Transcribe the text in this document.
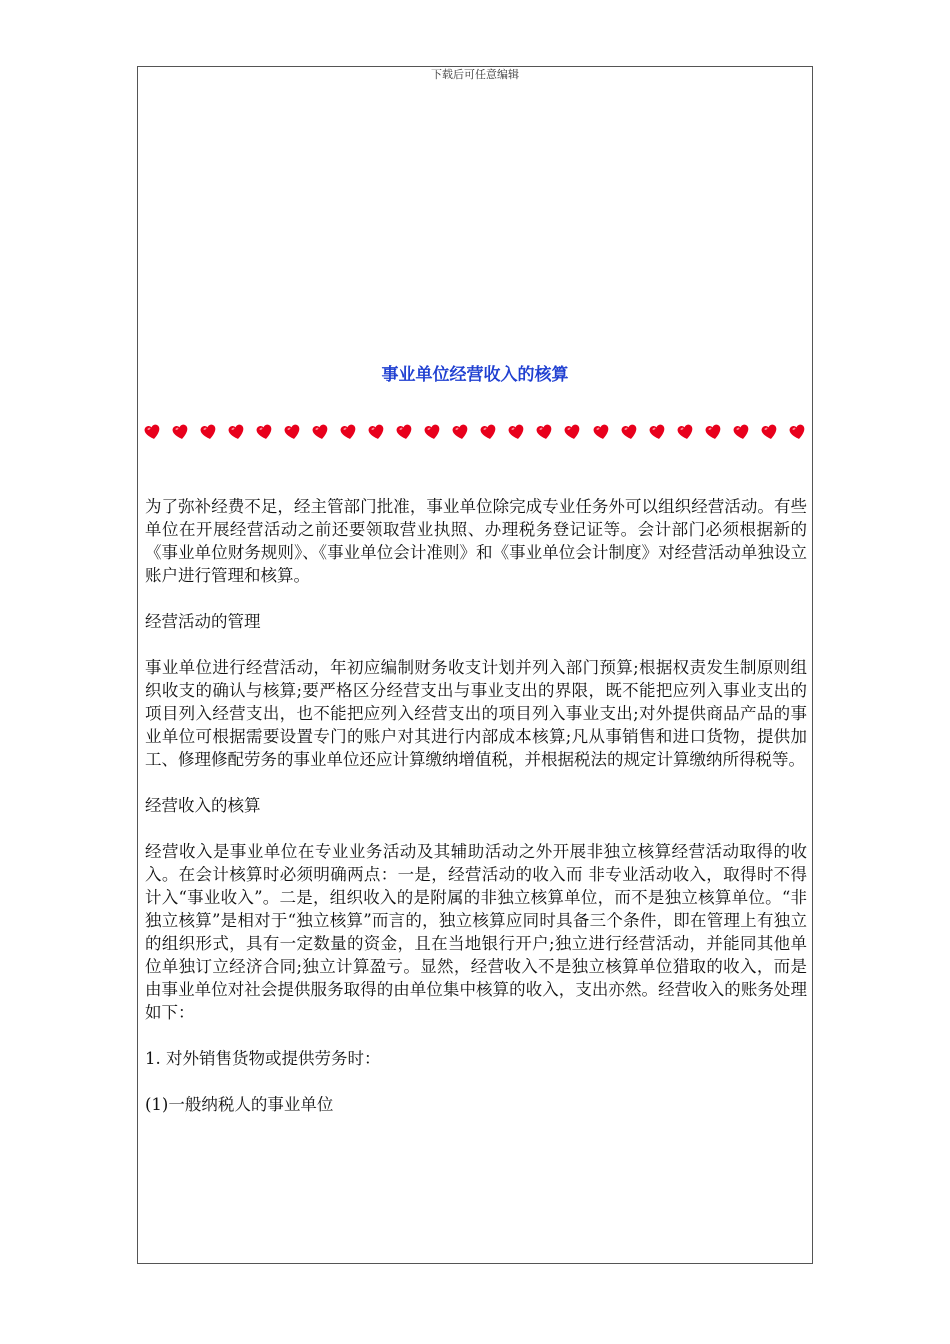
下载后可任意编辑
事业单位经营收入的核算

为了弥补经费不足，经主管部门批准，事业单位除完成专业任务外可以组织经营活动。有些单位在开展经营活动之前还要领取营业执照、办理税务登记证等。会计部门必须根据新的《事业单位财务规则》、《事业单位会计准则》和《事业单位会计制度》对经营活动单独设立账户进行管理和核算。

经营活动的管理

事业单位进行经营活动，年初应编制财务收支计划并列入部门预算;根据权责发生制原则组织收支的确认与核算;要严格区分经营支出与事业支出的界限，既不能把应列入事业支出的项目列入经营支出，也不能把应列入经营支出的项目列入事业支出;对外提供商品产品的事业单位可根据需要设置专门的账户对其进行内部成本核算;凡从事销售和进口货物，提供加工、修理修配劳务的事业单位还应计算缴纳增值税，并根据税法的规定计算缴纳所得税等。

经营收入的核算

经营收入是事业单位在专业业务活动及其辅助活动之外开展非独立核算经营活动取得的收入。在会计核算时必须明确两点：一是，经营活动的收入而 非专业活动收入，取得时不得计入“事业收入”。二是，组织收入的是附属的非独立核算单位，而不是独立核算单位。“非独立核算”是相对于“独立核算”而言的，独立核算应同时具备三个条件，即在管理上有独立的组织形式，具有一定数量的资金，且在当地银行开户;独立进行经营活动，并能同其他单位单独订立经济合同;独立计算盈亏。显然，经营收入不是独立核算单位猎取的收入，而是由事业单位对社会提供服务取得的由单位集中核算的收入，支出亦然。经营收入的账务处理如下：

1. 对外销售货物或提供劳务时：

(1)一般纳税人的事业单位
